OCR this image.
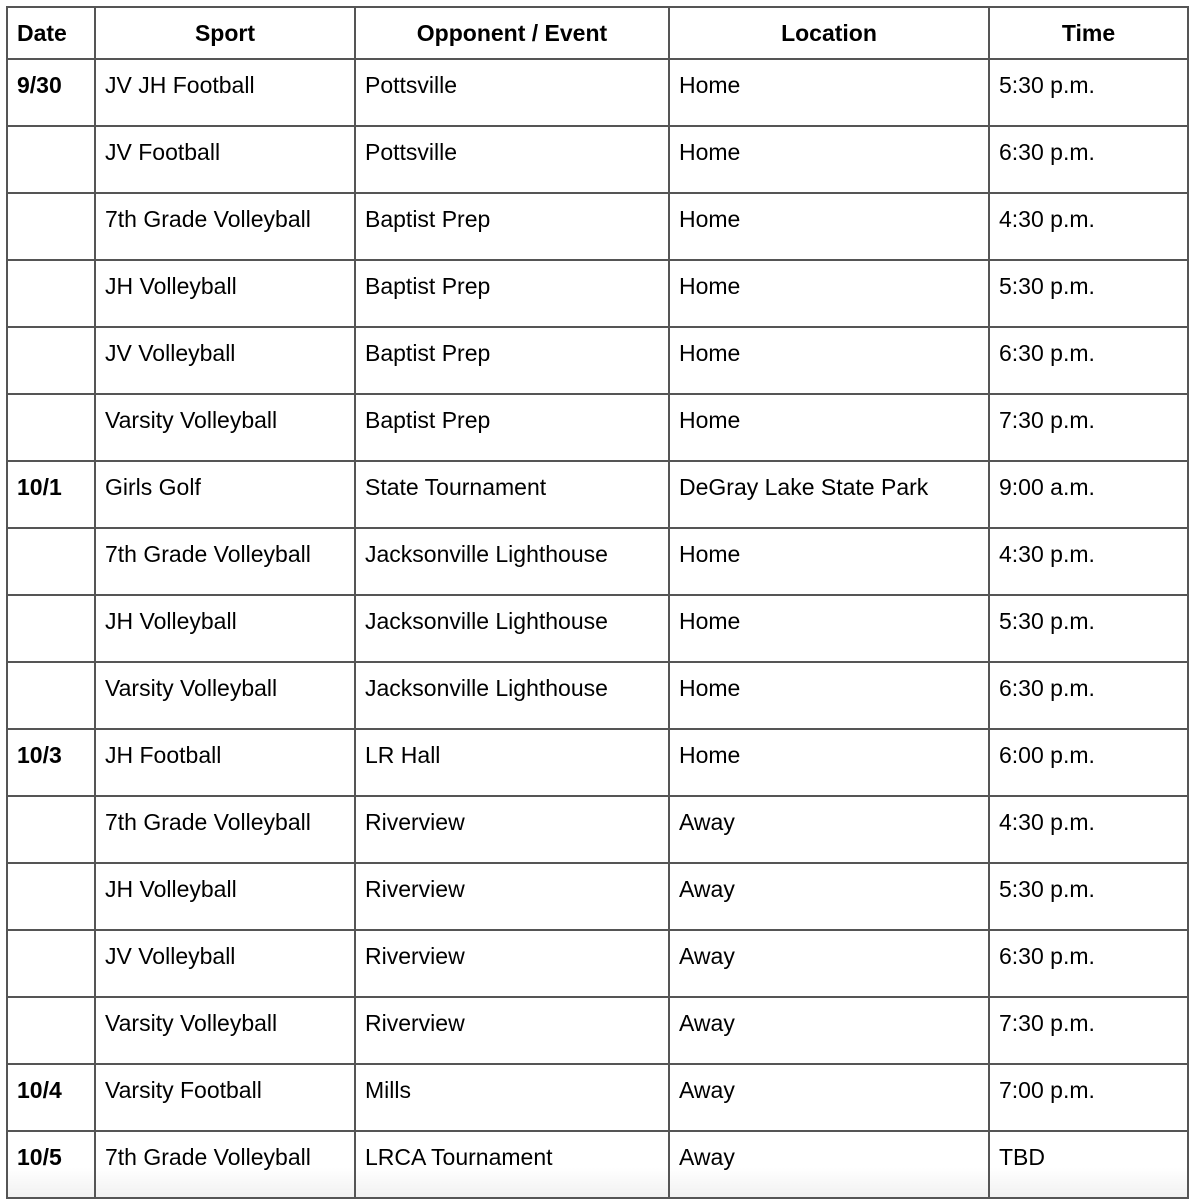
Date	Sport	Opponent / Event	Location	Time
9/30	JV JH Football	Pottsville	Home	5:30 p.m.
	JV Football	Pottsville	Home	6:30 p.m.
	7th Grade Volleyball	Baptist Prep	Home	4:30 p.m.
	JH Volleyball	Baptist Prep	Home	5:30 p.m.
	JV Volleyball	Baptist Prep	Home	6:30 p.m.
	Varsity Volleyball	Baptist Prep	Home	7:30 p.m.
10/1	Girls Golf	State Tournament	DeGray Lake State Park	9:00 a.m.
	7th Grade Volleyball	Jacksonville Lighthouse	Home	4:30 p.m.
	JH Volleyball	Jacksonville Lighthouse	Home	5:30 p.m.
	Varsity Volleyball	Jacksonville Lighthouse	Home	6:30 p.m.
10/3	JH Football	LR Hall	Home	6:00 p.m.
	7th Grade Volleyball	Riverview	Away	4:30 p.m.
	JH Volleyball	Riverview	Away	5:30 p.m.
	JV Volleyball	Riverview	Away	6:30 p.m.
	Varsity Volleyball	Riverview	Away	7:30 p.m.
10/4	Varsity Football	Mills	Away	7:00 p.m.
10/5	7th Grade Volleyball	LRCA Tournament	Away	TBD
